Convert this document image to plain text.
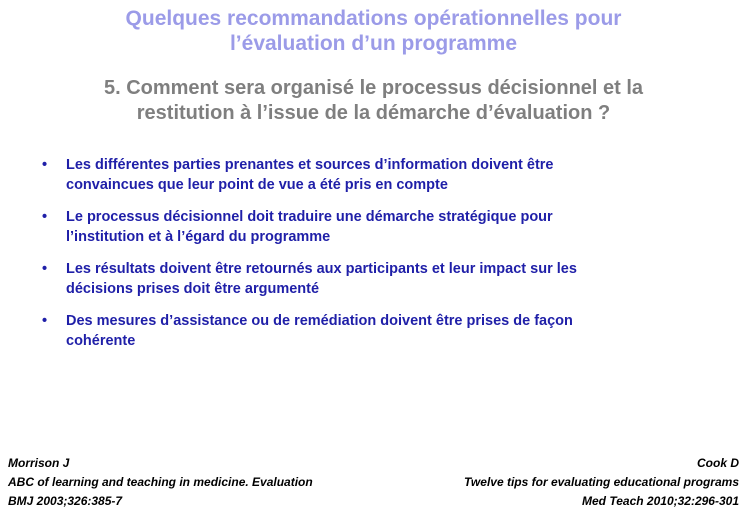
Quelques recommandations opérationnelles pour
l’évaluation d’un programme
5. Comment sera organisé le processus décisionnel et la
restitution à l’issue de la démarche d’évaluation ?
• Les différentes parties prenantes et sources d’information doivent être
convaincues que leur point de vue a été pris en compte
• Le processus décisionnel doit traduire une démarche stratégique pour
l’institution et à l’égard du programme
• Les résultats doivent être retournés aux participants et leur impact sur les
décisions prises doit être argumenté
• Des mesures d’assistance ou de remédiation doivent être prises de façon
cohérente
Morrison J
ABC of learning and teaching in medicine. Evaluation
BMJ 2003;326:385-7
Cook D
Twelve tips for evaluating educational programs
Med Teach 2010;32:296-301
